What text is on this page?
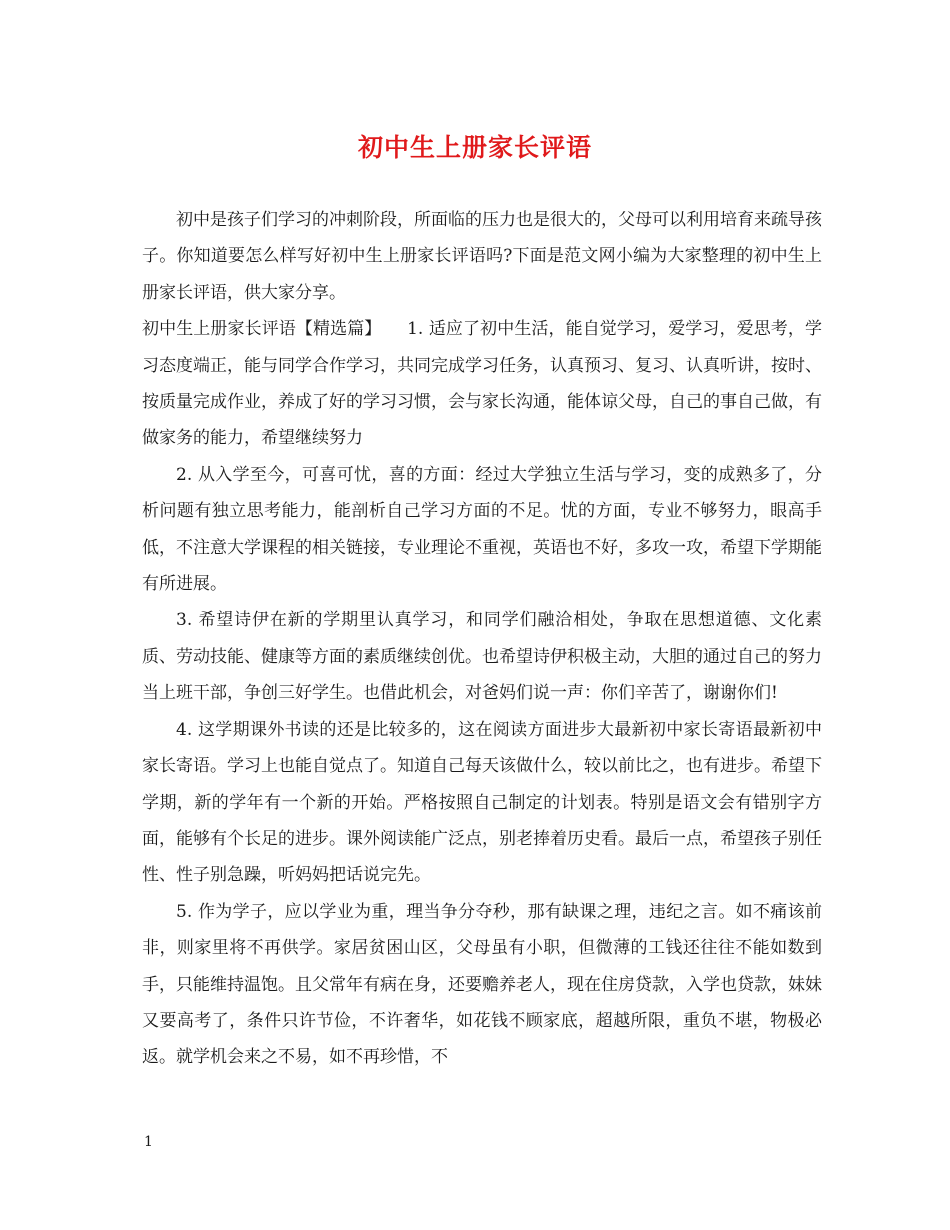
初中生上册家长评语

初中是孩子们学习的冲刺阶段，所面临的压力也是很大的，父母可以利用培育来疏导孩子。你知道要怎么样写好初中生上册家长评语吗?下面是范文网小编为大家整理的初中生上册家长评语，供大家分享。

初中生上册家长评语【精选篇】　　 1. 适应了初中生活，能自觉学习，爱学习，爱思考，学习态度端正，能与同学合作学习，共同完成学习任务，认真预习、复习、认真听讲，按时、按质量完成作业，养成了好的学习习惯，会与家长沟通，能体谅父母，自己的事自己做，有做家务的能力，希望继续努力

2. 从入学至今，可喜可忧，喜的方面：经过大学独立生活与学习，变的成熟多了，分析问题有独立思考能力，能剖析自己学习方面的不足。忧的方面，专业不够努力，眼高手低，不注意大学课程的相关链接，专业理论不重视，英语也不好，多攻一攻，希望下学期能有所进展。

3. 希望诗伊在新的学期里认真学习，和同学们融洽相处，争取在思想道德、文化素质、劳动技能、健康等方面的素质继续创优。也希望诗伊积极主动，大胆的通过自己的努力当上班干部，争创三好学生。也借此机会，对爸妈们说一声：你们辛苦了，谢谢你们!

4. 这学期课外书读的还是比较多的，这在阅读方面进步大最新初中家长寄语最新初中家长寄语。学习上也能自觉点了。知道自己每天该做什么，较以前比之，也有进步。希望下学期，新的学年有一个新的开始。严格按照自己制定的计划表。特别是语文会有错别字方面，能够有个长足的进步。课外阅读能广泛点，别老捧着历史看。最后一点，希望孩子别任性、性子别急躁，听妈妈把话说完先。

5. 作为学子，应以学业为重，理当争分夺秒，那有缺课之理，违纪之言。如不痛该前非，则家里将不再供学。家居贫困山区，父母虽有小职，但微薄的工钱还往往不能如数到手，只能维持温饱。且父常年有病在身，还要赡养老人，现在住房贷款，入学也贷款，妹妹又要高考了，条件只许节俭，不许奢华，如花钱不顾家底，超越所限，重负不堪，物极必返。就学机会来之不易，如不再珍惜，不

1
